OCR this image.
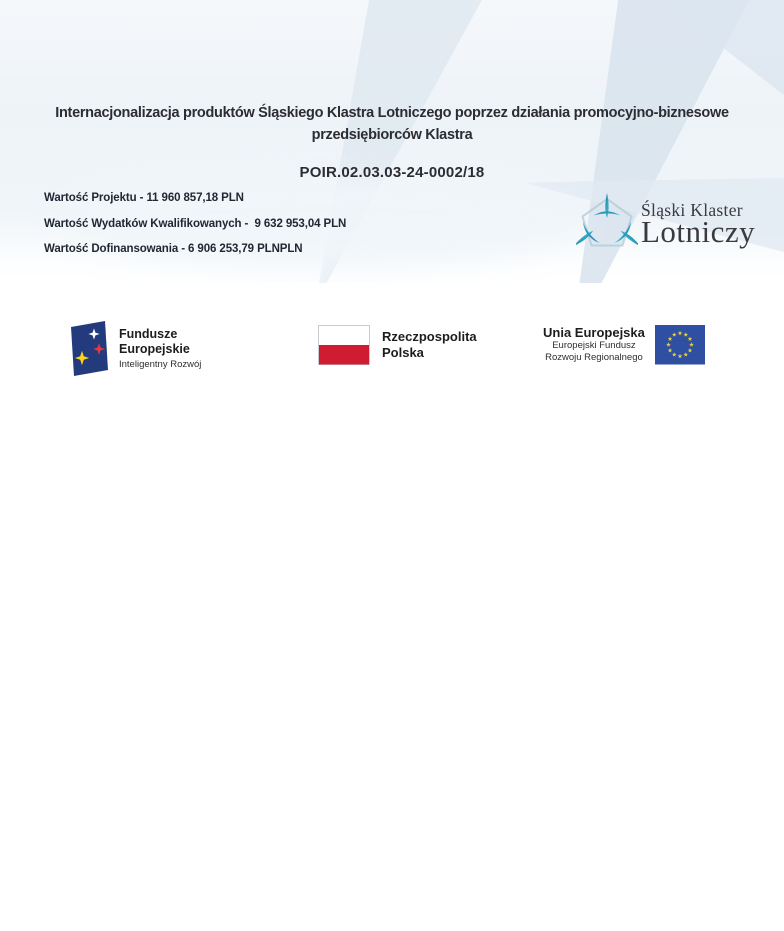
Internacjonalizacja produktów Śląskiego Klastra Lotniczego poprzez działania promocyjno-biznesowe
przedsiębiorców Klastra
POIR.02.03.03-24-0002/18
Wartość Projektu - 11 960 857,18 PLN
Wartość Wydatków Kwalifikowanych -  9 632 953,04 PLN
Wartość Dofinansowania - 6 906 253,79 PLNPLN
Śląski Klaster
Lotniczy
Fundusze
Europejskie
Inteligentny Rozwój
Rzeczpospolita
Polska
Unia Europejska
Europejski Fundusz
Rozwoju Regionalnego
